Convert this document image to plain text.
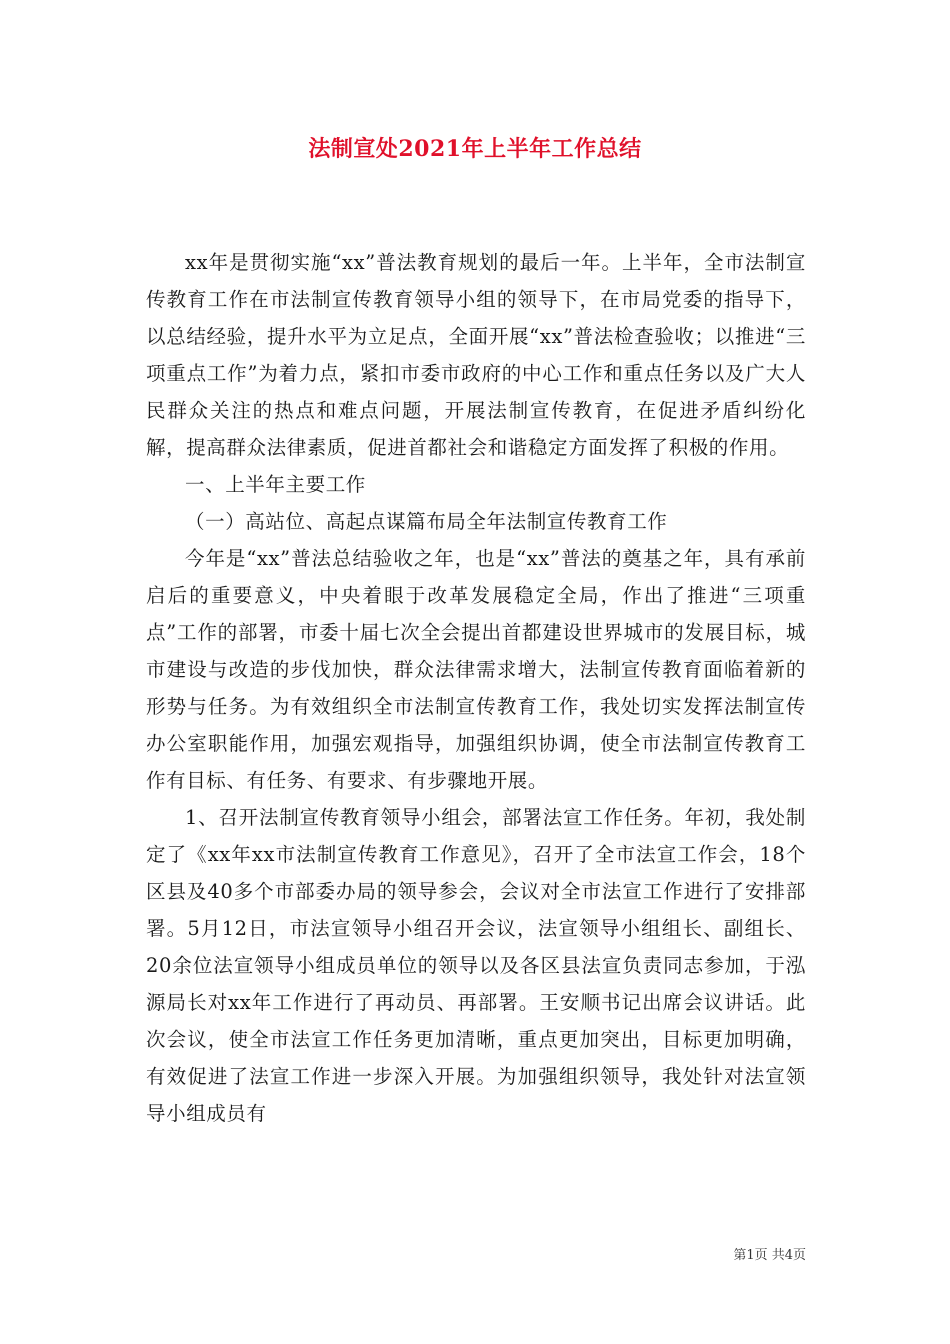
法制宣处2021年上半年工作总结

xx年是贯彻实施“xx”普法教育规划的最后一年。上半年，全市法制宣传教育工作在市法制宣传教育领导小组的领导下，在市局党委的指导下，以总结经验，提升水平为立足点，全面开展“xx”普法检查验收；以推进“三项重点工作”为着力点，紧扣市委市政府的中心工作和重点任务以及广大人民群众关注的热点和难点问题，开展法制宣传教育，在促进矛盾纠纷化解，提高群众法律素质，促进首都社会和谐稳定方面发挥了积极的作用。

一、上半年主要工作

（一）高站位、高起点谋篇布局全年法制宣传教育工作

今年是“xx”普法总结验收之年，也是“xx”普法的奠基之年，具有承前启后的重要意义，中央着眼于改革发展稳定全局，作出了推进“三项重点”工作的部署，市委十届七次全会提出首都建设世界城市的发展目标，城市建设与改造的步伐加快，群众法律需求增大，法制宣传教育面临着新的形势与任务。为有效组织全市法制宣传教育工作，我处切实发挥法制宣传办公室职能作用，加强宏观指导，加强组织协调，使全市法制宣传教育工作有目标、有任务、有要求、有步骤地开展。

1、召开法制宣传教育领导小组会，部署法宣工作任务。年初，我处制定了《xx年xx市法制宣传教育工作意见》，召开了全市法宣工作会，18个区县及40多个市部委办局的领导参会，会议对全市法宣工作进行了安排部署。5月12日，市法宣领导小组召开会议，法宣领导小组组长、副组长、20余位法宣领导小组成员单位的领导以及各区县法宣负责同志参加，于泓源局长对xx年工作进行了再动员、再部署。王安顺书记出席会议讲话。此次会议，使全市法宣工作任务更加清晰，重点更加突出，目标更加明确，有效促进了法宣工作进一步深入开展。为加强组织领导，我处针对法宣领导小组成员有

第1页 共4页
